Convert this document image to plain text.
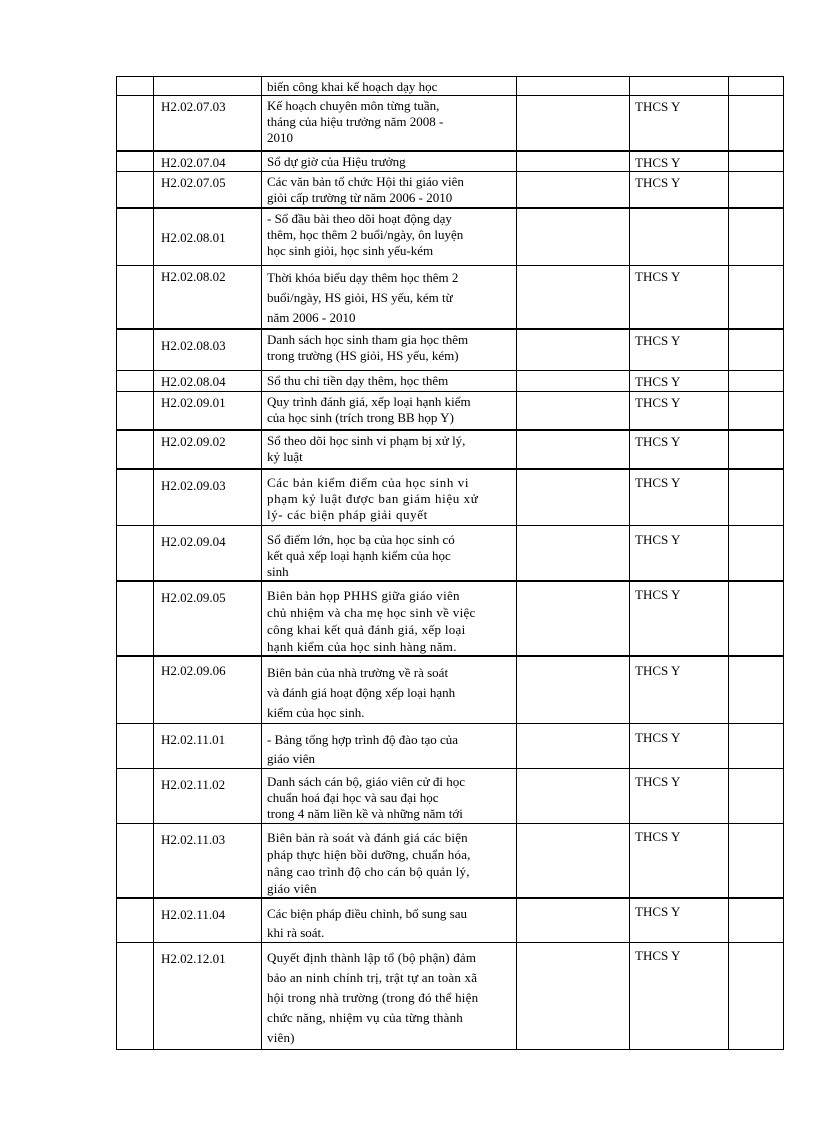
		biến công khai kế hoạch dạy học			
	H2.02.07.03	Kế hoạch chuyên môn từng tuần,
tháng của hiệu trưởng năm 2008 -
2010		THCS Y	
	H2.02.07.04	Sổ dự giờ của Hiệu trưởng		THCS Y	
	H2.02.07.05	Các văn bản tổ chức Hội thi giáo viên
giỏi cấp trường từ năm 2006 - 2010		THCS Y	
	H2.02.08.01	- Sổ đầu bài theo dõi hoạt động dạy
thêm, học thêm 2 buổi/ngày, ôn luyện
học sinh giỏi, học sinh yếu-kém			
	H2.02.08.02	Thời khóa biểu dạy thêm học thêm 2
buổi/ngày, HS giỏi, HS yếu, kém từ
năm 2006 - 2010		THCS Y	
	H2.02.08.03	Danh sách học sinh tham gia học thêm
trong trường (HS giỏi, HS yếu, kém)		THCS Y	
	H2.02.08.04	Sổ thu chi tiền dạy thêm, học thêm		THCS Y	
	H2.02.09.01	Quy trình đánh giá, xếp loại hạnh kiểm
của học sinh (trích trong BB họp Y)		THCS Y	
	H2.02.09.02	Sổ theo dõi học sinh vi phạm bị xử lý,
kỷ luật		THCS Y	
	H2.02.09.03	Các bản kiểm điểm của học sinh vi
phạm kỷ luật được ban giám hiệu xử
lý- các biện pháp giải quyết		THCS Y	
	H2.02.09.04	Sổ điểm lớn, học bạ của học sinh có
kết quả xếp loại hạnh kiểm của học
sinh		THCS Y	
	H2.02.09.05	Biên bản họp PHHS giữa giáo viên
chủ nhiệm và cha mẹ học sinh về việc
công khai kết quả đánh giá, xếp loại
hạnh kiểm của học sinh hàng năm.		THCS Y	
	H2.02.09.06	Biên bản của nhà trường về rà soát
và đánh giá hoạt động xếp loại hạnh
kiểm của học sinh.		THCS Y	
	H2.02.11.01	- Bảng tổng hợp trình độ đào tạo của
giáo viên		THCS Y	
	H2.02.11.02	Danh sách cán bộ, giáo viên cử đi học
chuẩn hoá đại học và sau đại học
trong 4 năm liền kề và những năm tới		THCS Y	
	H2.02.11.03	Biên bản rà soát và đánh giá các biện
pháp thực hiện bồi dưỡng, chuẩn hóa,
nâng cao trình độ cho cán bộ quản lý,
giáo viên		THCS Y	
	H2.02.11.04	Các biện pháp điều chỉnh, bổ sung sau
khi rà soát.		THCS Y	
	H2.02.12.01	Quyết định thành lập tổ (bộ phận) đảm
bảo an ninh chính trị, trật tự an toàn xã
hội trong nhà trường (trong đó thể hiện
chức năng, nhiệm vụ của từng thành
viên)		THCS Y	
